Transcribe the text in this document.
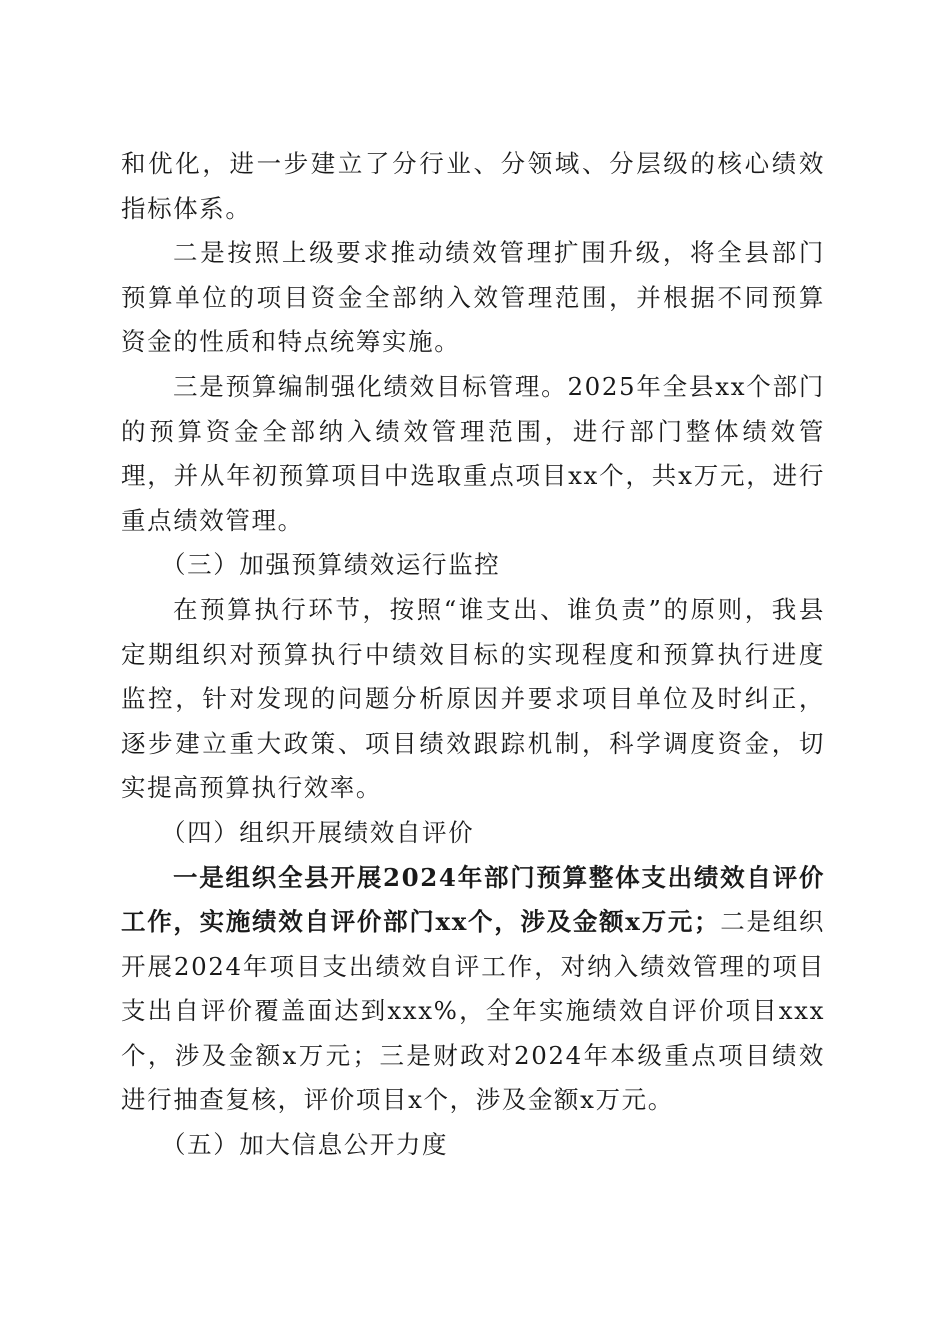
和优化，进一步建立了分行业、分领域、分层级的核心绩效指标体系。

二是按照上级要求推动绩效管理扩围升级，将全县部门预算单位的项目资金全部纳入效管理范围，并根据不同预算资金的性质和特点统筹实施。

三是预算编制强化绩效目标管理。2025年全县xx个部门的预算资金全部纳入绩效管理范围，进行部门整体绩效管理，并从年初预算项目中选取重点项目xx个，共x万元，进行重点绩效管理。

（三）加强预算绩效运行监控

在预算执行环节，按照“谁支出、谁负责”的原则，我县定期组织对预算执行中绩效目标的实现程度和预算执行进度监控，针对发现的问题分析原因并要求项目单位及时纠正，逐步建立重大政策、项目绩效跟踪机制，科学调度资金，切实提高预算执行效率。

（四）组织开展绩效自评价

一是组织全县开展2024年部门预算整体支出绩效自评价工作，实施绩效自评价部门xx个，涉及金额x万元；二是组织开展2024年项目支出绩效自评工作，对纳入绩效管理的项目支出自评价覆盖面达到xxx%，全年实施绩效自评价项目xxx个，涉及金额x万元；三是财政对2024年本级重点项目绩效进行抽查复核，评价项目x个，涉及金额x万元。

（五）加大信息公开力度
